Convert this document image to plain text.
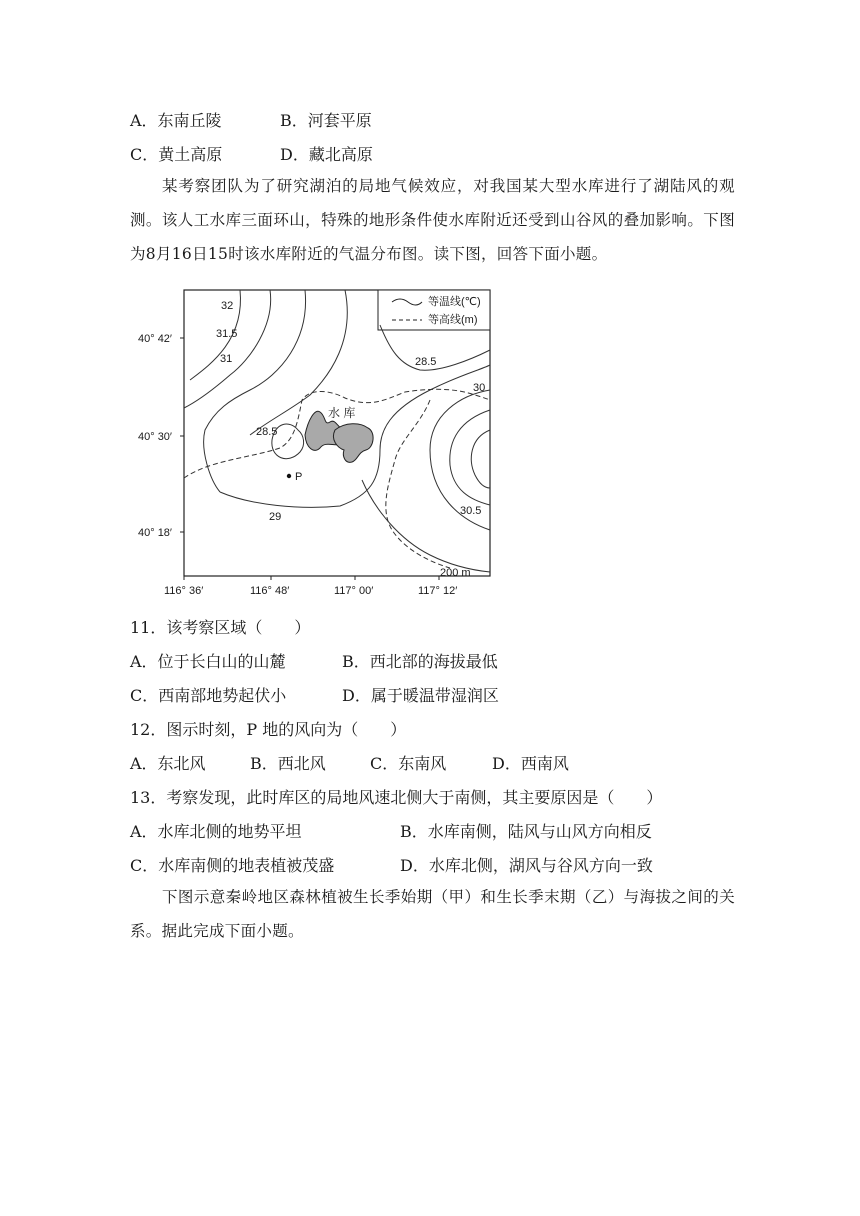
A．东南丘陵	B．河套平原
C．黄土高原	D．藏北高原
某考察团队为了研究湖泊的局地气候效应，对我国某大型水库进行了湖陆风的观测。该人工水库三面环山，特殊的地形条件使水库附近还受到山谷风的叠加影响。下图为8月16日15时该水库附近的气温分布图。读下图，回答下面小题。
等温线(℃)
等高线(m)
水 库
P
32
31.5
31	28.5
28.5
30
30.5
29
200 m
40° 42′
40° 30′
40° 18′
116° 36′	116° 48′	117° 00′	117° 12′
11．该考察区域（　　）
A．位于长白山的山麓	B．西北部的海拔最低
C．西南部地势起伏小	D．属于暖温带湿润区
12．图示时刻，P 地的风向为（　　）
A．东北风	B．西北风	C．东南风	D．西南风
13．考察发现，此时库区的局地风速北侧大于南侧，其主要原因是（　　）
A．水库北侧的地势平坦	B．水库南侧，陆风与山风方向相反
C．水库南侧的地表植被茂盛	D．水库北侧，湖风与谷风方向一致
下图示意秦岭地区森林植被生长季始期（甲）和生长季末期（乙）与海拔之间的关系。据此完成下面小题。
